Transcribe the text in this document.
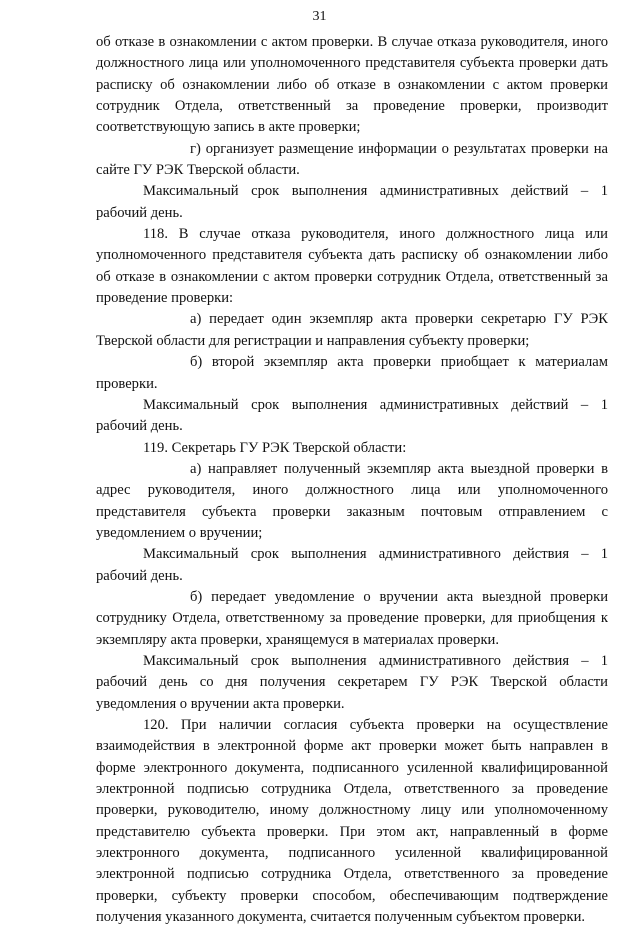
31

об отказе в ознакомлении с актом проверки. В случае отказа руководителя, иного должностного лица или уполномоченного представителя субъекта проверки дать расписку об ознакомлении либо об отказе в ознакомлении с актом проверки сотрудник Отдела, ответственный за проведение проверки, производит соответствующую запись в акте проверки;

г) организует размещение информации о результатах проверки на сайте ГУ РЭК Тверской области.

Максимальный срок выполнения административных действий – 1 рабочий день.

118. В случае отказа руководителя, иного должностного лица или уполномоченного представителя субъекта дать расписку об ознакомлении либо об отказе в ознакомлении с актом проверки сотрудник Отдела, ответственный за проведение проверки:

а) передает один экземпляр акта проверки секретарю ГУ РЭК Тверской области для регистрации и направления субъекту проверки;

б) второй экземпляр акта проверки приобщает к материалам проверки.

Максимальный срок выполнения административных действий – 1 рабочий день.

119. Секретарь ГУ РЭК Тверской области:

а) направляет полученный экземпляр акта выездной проверки в адрес руководителя, иного должностного лица или уполномоченного представителя субъекта проверки заказным почтовым отправлением с уведомлением о вручении;

Максимальный срок выполнения административного действия – 1 рабочий день.

б) передает уведомление о вручении акта выездной проверки сотруднику Отдела, ответственному за проведение проверки, для приобщения к экземпляру акта проверки, хранящемуся в материалах проверки.

Максимальный срок выполнения административного действия – 1 рабочий день со дня получения секретарем ГУ РЭК Тверской области уведомления о вручении акта проверки.

120. При наличии согласия субъекта проверки на осуществление взаимодействия в электронной форме акт проверки может быть направлен в форме электронного документа, подписанного усиленной квалифицированной электронной подписью сотрудника Отдела, ответственного за проведение проверки, руководителю, иному должностному лицу или уполномоченному представителю субъекта проверки. При этом акт, направленный в форме электронного документа, подписанного усиленной квалифицированной электронной подписью сотрудника Отдела, ответственного за проведение проверки, субъекту проверки способом, обеспечивающим подтверждение получения указанного документа, считается полученным субъектом проверки.
